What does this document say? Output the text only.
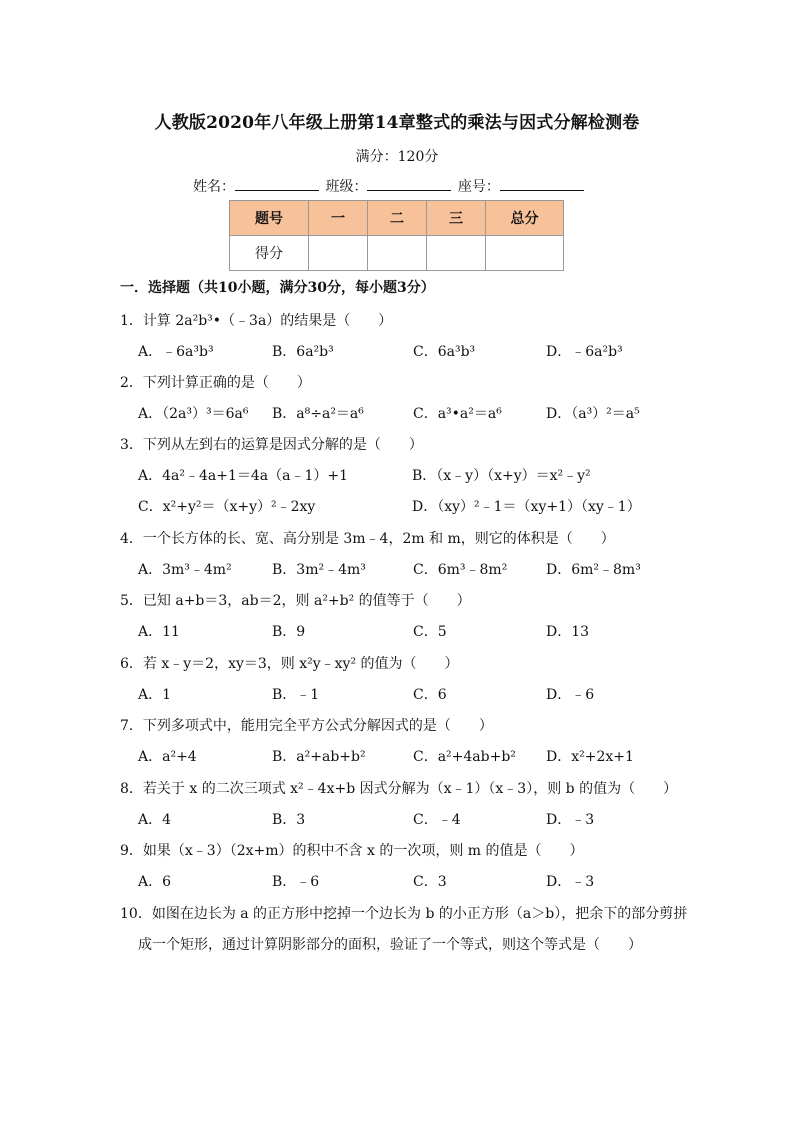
人教版2020年八年级上册第14章整式的乘法与因式分解检测卷
满分：120分
姓名：	班级：	座号：
题号	一	二	三	总分
得分				
一．选择题（共10小题，满分30分，每小题3分）
1．计算 2a²b³•（﹣3a）的结果是（　　）
A．﹣6a³b³	B．6a²b³	C．6a³b³	D．﹣6a²b³
2．下列计算正确的是（　　）
A．（2a³）³＝6a⁶ B．a⁸÷a²＝a⁶	C．a³•a²＝a⁶	D．（a³）²＝a⁵
3．下列从左到右的运算是因式分解的是（　　）
A．4a²﹣4a+1＝4a（a﹣1）+1	B．（x﹣y）（x+y）＝x²﹣y²
C．x²+y²＝（x+y）²﹣2xy	D．（xy）²﹣1＝（xy+1）（xy﹣1）
4．一个长方体的长、宽、高分别是 3m﹣4，2m 和 m，则它的体积是（　　）
A．3m³﹣4m²	B．3m²﹣4m³	C．6m³﹣8m²	D．6m²﹣8m³
5．已知 a+b＝3，ab＝2，则 a²+b² 的值等于（　　）
A．11	B．9	C．5	D．13
6．若 x﹣y＝2，xy＝3，则 x²y﹣xy² 的值为（　　）
A．1	B．﹣1	C．6	D．﹣6
7．下列多项式中，能用完全平方公式分解因式的是（　　）
A．a²+4	B．a²+ab+b²	C．a²+4ab+b² D．x²+2x+1
8．若关于 x 的二次三项式 x²﹣4x+b 因式分解为（x﹣1）（x﹣3），则 b 的值为（　　）
A．4	B．3	C．﹣4	D．﹣3
9．如果（x﹣3）（2x+m）的积中不含 x 的一次项，则 m 的值是（　　）
A．6	B．﹣6	C．3	D．﹣3
10．如图在边长为 a 的正方形中挖掉一个边长为 b 的小正方形（a＞b），把余下的部分剪拼
成一个矩形，通过计算阴影部分的面积，验证了一个等式，则这个等式是（　　）
